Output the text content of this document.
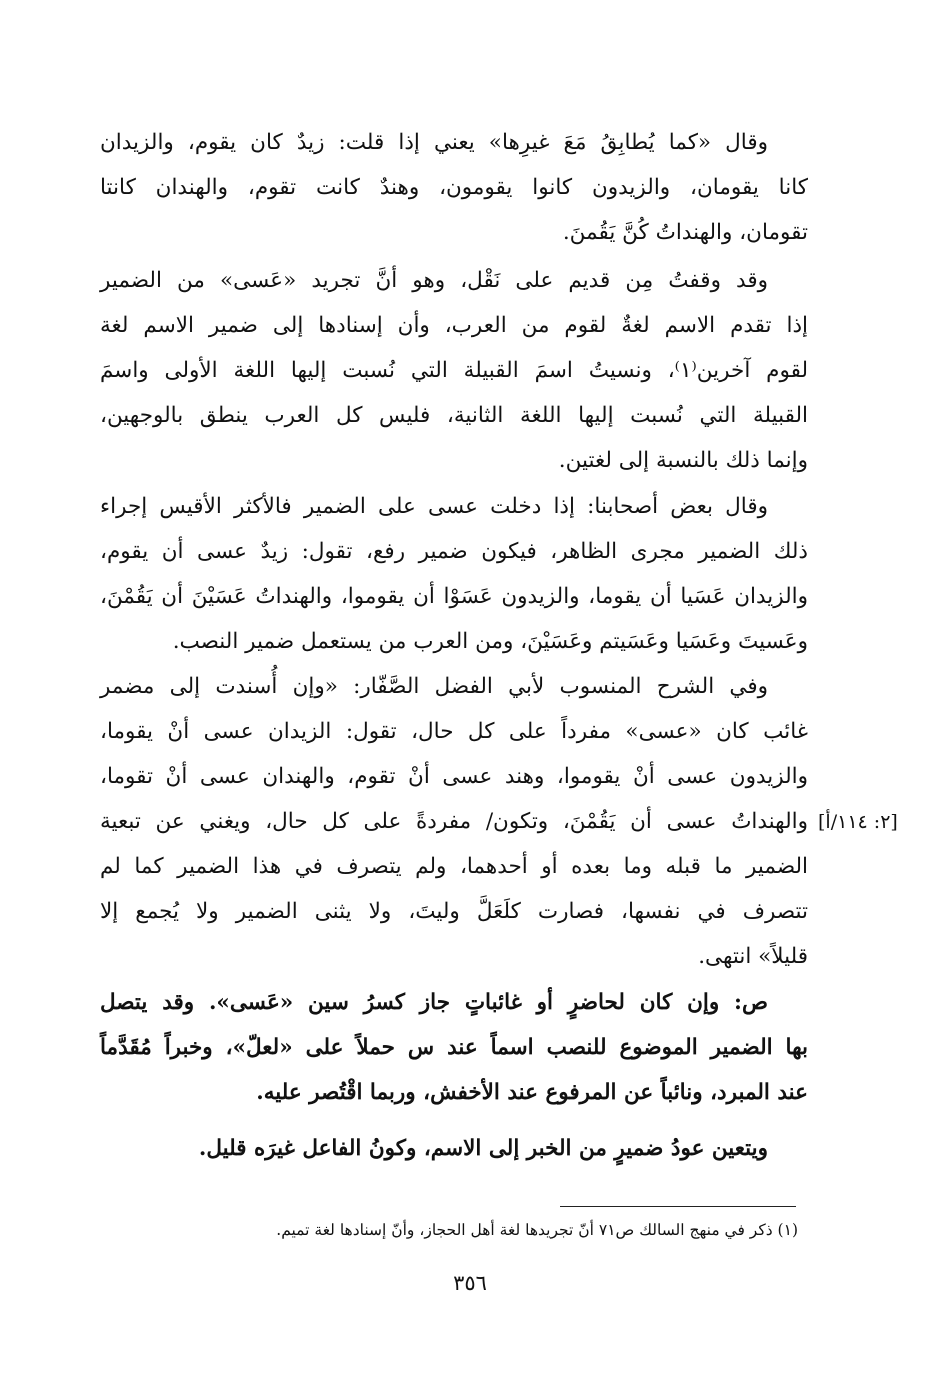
وقال «كما يُطابِقُ مَعَ غيرِها» يعني إذا قلت: زيدٌ كان يقوم، والزيدان
كانا يقومان، والزيدون كانوا يقومون، وهندٌ كانت تقوم، والهندان كانتا
تقومان، والهنداتُ كُنَّ يَقُمنَ.
وقد وقفتُ مِن قديم على نَقْل، وهو أنَّ تجريد «عَسى» من الضمير
إذا تقدم الاسم لغةٌ لقوم من العرب، وأن إسنادها إلى ضمير الاسم لغة
لقوم آخرين⁽١⁾، ونسيتُ اسمَ القبيلة التي نُسبت إليها اللغة الأولى واسمَ
القبيلة التي نُسبت إليها اللغة الثانية، فليس كل العرب ينطق بالوجهين،
وإنما ذلك بالنسبة إلى لغتين.
وقال بعض أصحابنا: إذا دخلت عسى على الضمير فالأكثر الأقيس إجراء
ذلك الضمير مجرى الظاهر، فيكون ضمير رفع، تقول: زيدٌ عسى أن يقوم،
والزيدان عَسَيا أن يقوما، والزيدون عَسَوْا أن يقوموا، والهنداتُ عَسَيْنَ أن يَقُمْنَ،
وعَسيتَ وعَسَيا وعَسَيتم وعَسَيْنَ، ومن العرب من يستعمل ضمير النصب.
وفي الشرح المنسوب لأبي الفضل الصَّفّار: «وإن أُسندت إلى مضمر
غائب كان «عسى» مفرداً على كل حال، تقول: الزيدان عسى أنْ يقوما،
والزيدون عسى أنْ يقوموا، وهند عسى أنْ تقوم، والهندان عسى أنْ تقوما،
والهنداتُ عسى أن يَقُمْنَ، وتكون/ مفردةً على كل حال، ويغني عن تبعية
الضمير ما قبله وما بعده أو أحدهما، ولم يتصرف في هذا الضمير كما لم
تتصرف في نفسها، فصارت كلَعَلَّ وليتَ، ولا يثنى الضمير ولا يُجمع إلا
قليلاً» انتهى.
[٢: ١١٤/أ]
ص: وإن كان لحاضرٍ أو غائباتٍ جاز كسرُ سين «عَسى». وقد يتصل
بها الضمير الموضوع للنصب اسماً عند س حملاً على «لعلّ»، وخبراً مُقَدَّماً
عند المبرد، ونائباً عن المرفوع عند الأخفش، وربما اقْتُصر عليه.
ويتعين عودُ ضميرٍ من الخبر إلى الاسم، وكونُ الفاعل غيرَه قليل.
(١) ذكر في منهج السالك ص٧١ أنّ تجريدها لغة أهل الحجاز، وأنّ إسنادها لغة تميم.
٣٥٦
